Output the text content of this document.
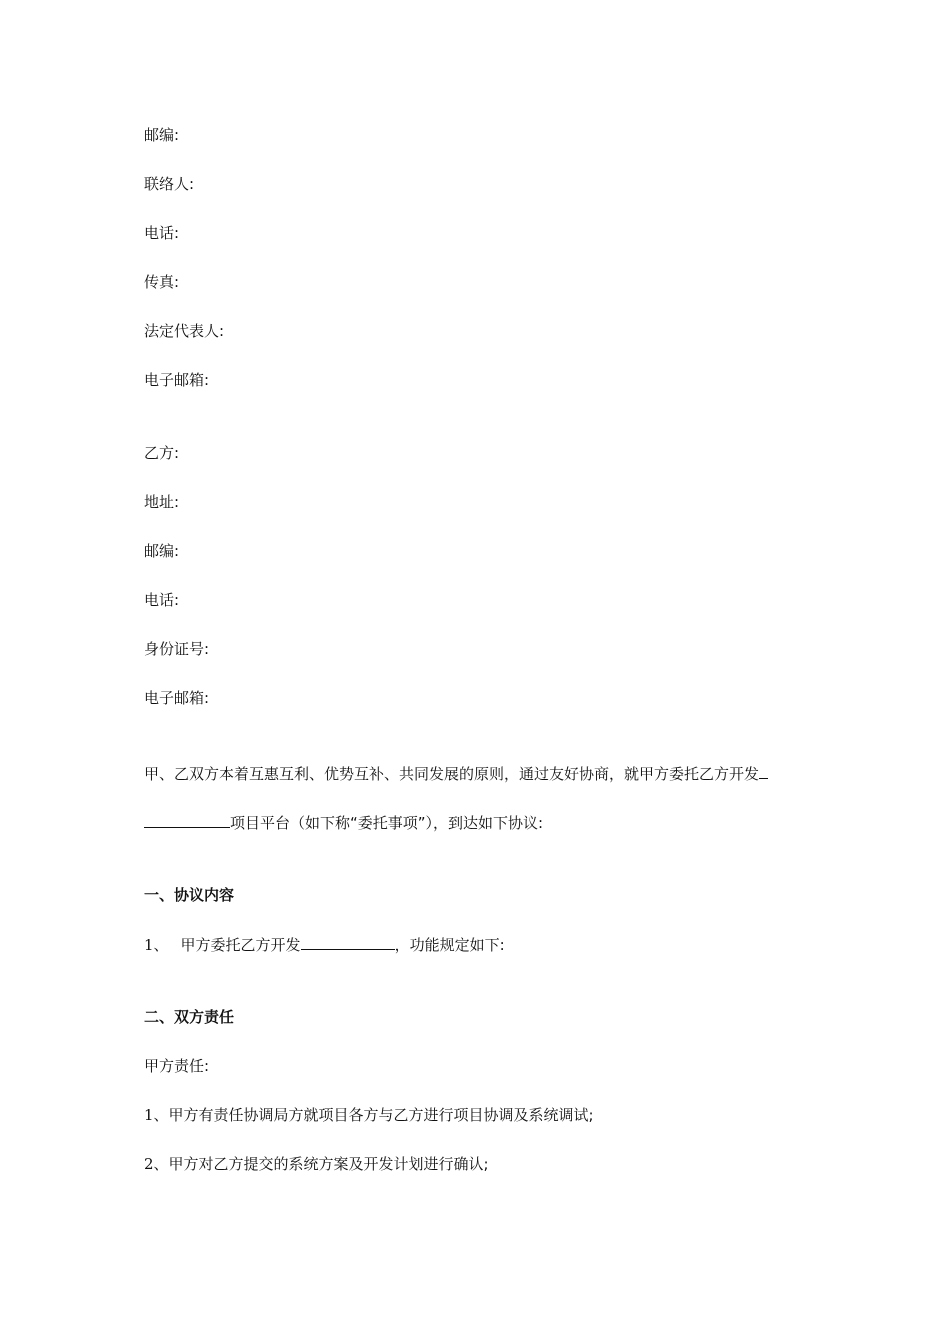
邮编:
联络人:
电话:
传真:
法定代表人:
电子邮箱:
乙方:
地址:
邮编:
电话:
身份证号:
电子邮箱:
甲、乙双方本着互惠互利、优势互补、共同发展的原则，通过友好协商，就甲方委托乙方开发
项目平台（如下称“委托事项”），到达如下协议:
一、协议内容
1、 甲方委托乙方开发	，功能规定如下:
二、双方责任
甲方责任:
1、甲方有责任协调局方就项目各方与乙方进行项目协调及系统调试;
2、甲方对乙方提交的系统方案及开发计划进行确认;
